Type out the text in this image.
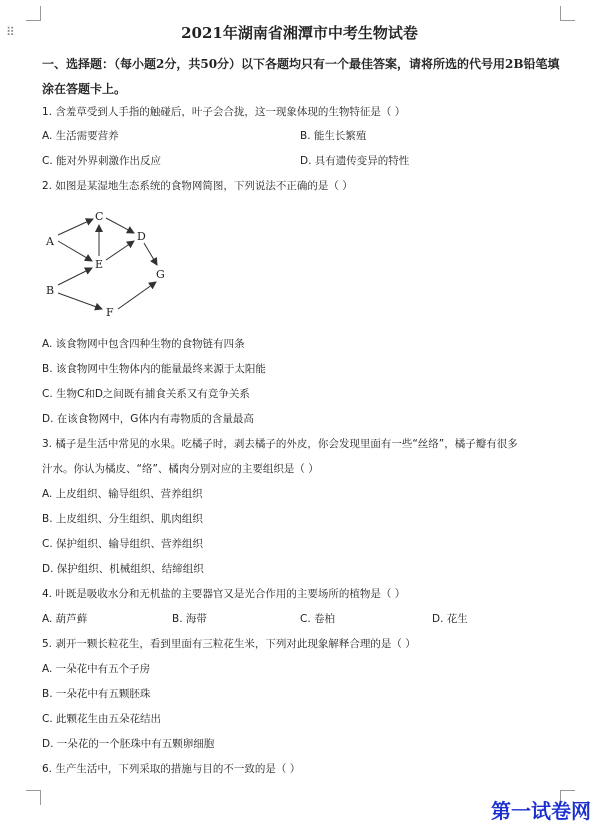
⠿	2021年湖南省湘潭市中考生物试卷
一、选择题：（每小题2分，共50分）以下各题均只有一个最佳答案，请将所选的代号用2B铅笔填涂在答题卡上。
1. 含羞草受到人手指的触碰后，叶子会合拢，这一现象体现的生物特征是（ ）
A. 生活需要营养	B. 能生长繁殖
C. 能对外界刺激作出反应	D. 具有遗传变异的特性
2. 如图是某湿地生态系统的食物网简图，下列说法不正确的是（ ）
A
B
C
D
E
F
G
A. 该食物网中包含四种生物的食物链有四条
B. 该食物网中生物体内的能量最终来源于太阳能
C. 生物C和D之间既有捕食关系又有竞争关系
D. 在该食物网中，G体内有毒物质的含量最高
3. 橘子是生活中常见的水果。吃橘子时，剥去橘子的外皮，你会发现里面有一些“丝络”，橘子瓣有很多
汁水。你认为橘皮、“络”、橘肉分别对应的主要组织是（ ）
A. 上皮组织、输导组织、营养组织
B. 上皮组织、分生组织、肌肉组织
C. 保护组织、输导组织、营养组织
D. 保护组织、机械组织、结缔组织
4. 叶既是吸收水分和无机盐的主要器官又是光合作用的主要场所的植物是（ ）
A. 葫芦藓	B. 海带	C. 卷柏	D. 花生
5. 剥开一颗长粒花生，看到里面有三粒花生米，下列对此现象解释合理的是（ ）
A. 一朵花中有五个子房
B. 一朵花中有五颗胚珠
C. 此颗花生由五朵花结出
D. 一朵花的一个胚珠中有五颗卵细胞
6. 生产生活中，下列采取的措施与目的不一致的是（ ）
第一试卷网
